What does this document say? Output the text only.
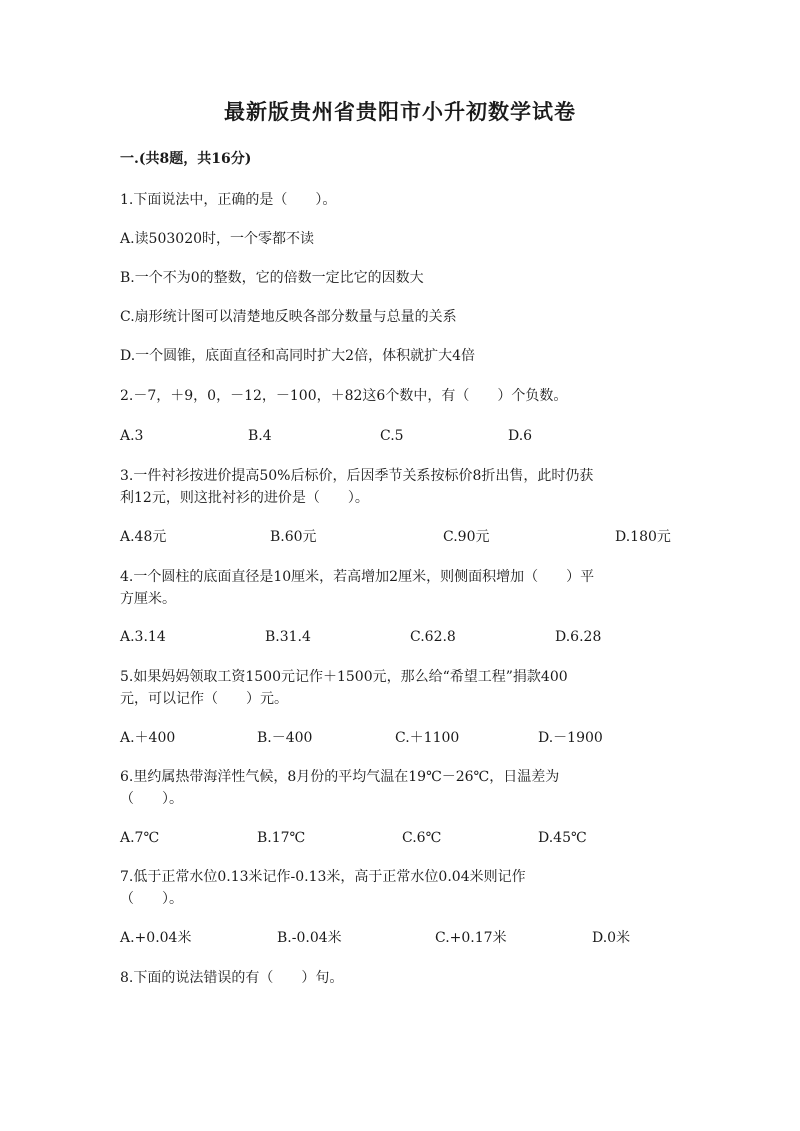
最新版贵州省贵阳市小升初数学试卷
一.(共8题，共16分)
1.下面说法中，正确的是（　　）。
A.读503020时，一个零都不读
B.一个不为0的整数，它的倍数一定比它的因数大
C.扇形统计图可以清楚地反映各部分数量与总量的关系
D.一个圆锥，底面直径和高同时扩大2倍，体积就扩大4倍
2.－7，＋9，0，－12，－100，＋82这6个数中，有（　　）个负数。
A.3	B.4	C.5	D.6
3.一件衬衫按进价提高50%后标价，后因季节关系按标价8折出售，此时仍获
利12元，则这批衬衫的进价是（　　）。
A.48元	B.60元	C.90元	D.180元
4.一个圆柱的底面直径是10厘米，若高增加2厘米，则侧面积增加（　　）平
方厘米。
A.3.14	B.31.4	C.62.8	D.6.28
5.如果妈妈领取工资1500元记作＋1500元，那么给“希望工程”捐款400
元，可以记作（　　）元。
A.＋400	B.－400	C.＋1100	D.－1900
6.里约属热带海洋性气候，8月份的平均气温在19℃－26℃，日温差为
（　　）。
A.7℃	B.17℃	C.6℃	D.45℃
7.低于正常水位0.13米记作-0.13米，高于正常水位0.04米则记作
（　　）。
A.+0.04米	B.-0.04米	C.+0.17米	D.0米
8.下面的说法错误的有（　　）句。
